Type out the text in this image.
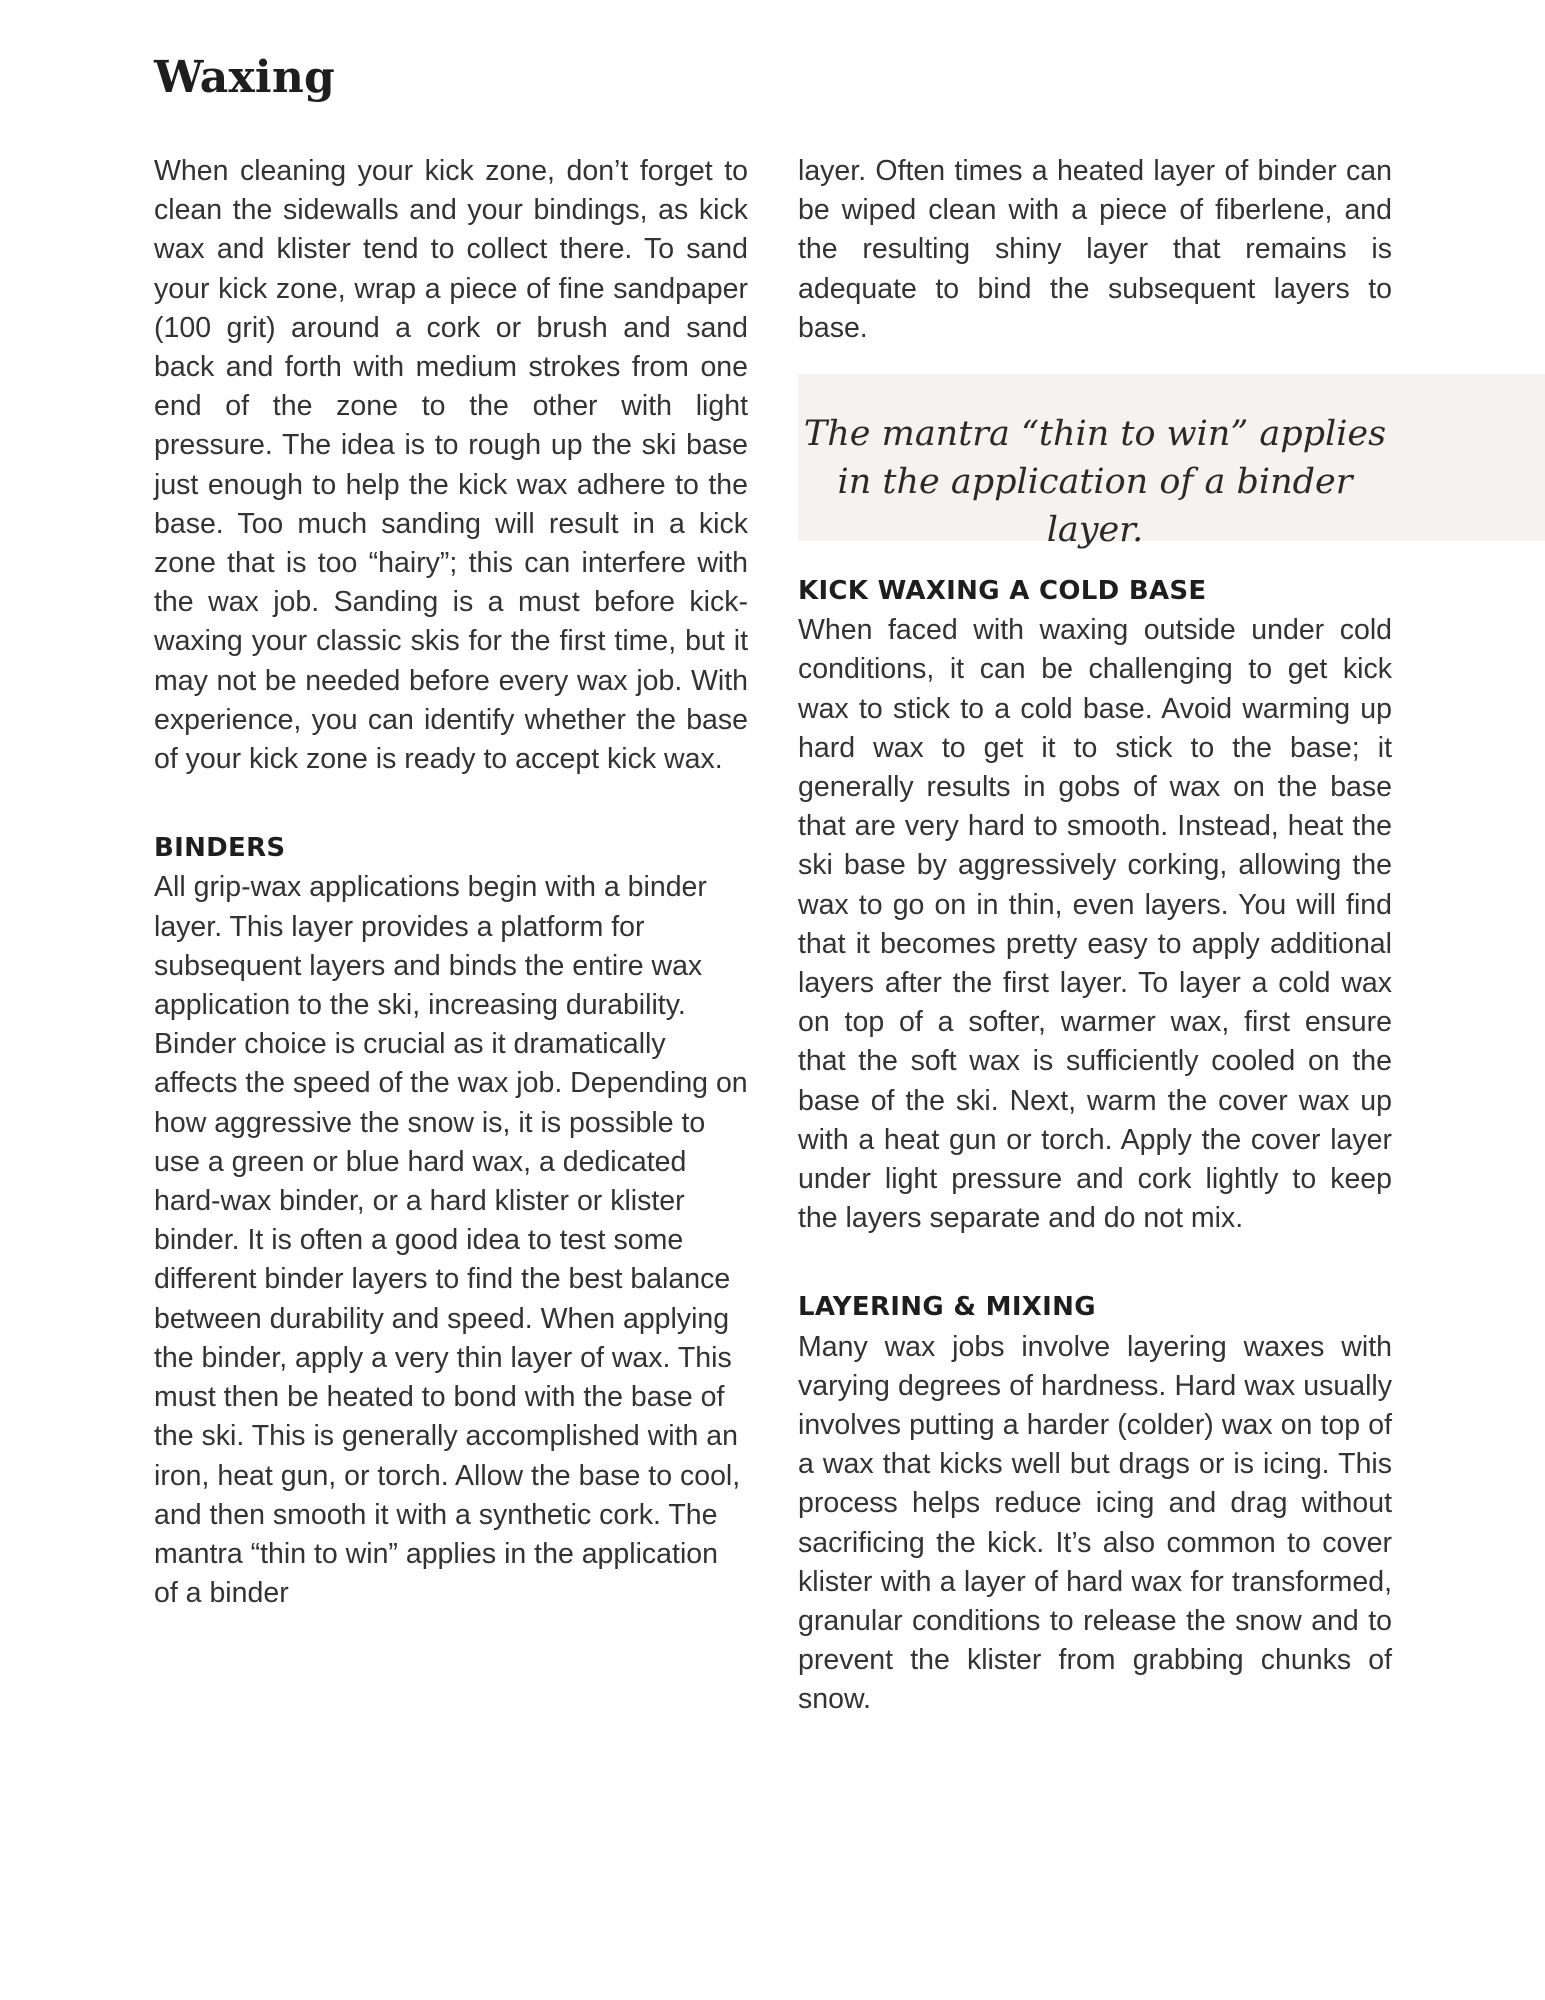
Waxing

When cleaning your kick zone, don’t forget to clean the sidewalls and your bindings, as kick wax and klister tend to collect there. To sand your kick zone, wrap a piece of fine sandpaper (100 grit) around a cork or brush and sand back and forth with medium strokes from one end of the zone to the other with light pressure. The idea is to rough up the ski base just enough to help the kick wax adhere to the base. Too much sanding will result in a kick zone that is too “hairy”; this can interfere with the wax job. Sanding is a must before kick-waxing your classic skis for the first time, but it may not be needed before every wax job. With experience, you can identify whether the base of your kick zone is ready to accept kick wax.

BINDERS

All grip-wax applications begin with a binder layer. This layer provides a platform for subsequent layers and binds the entire wax application to the ski, increasing durability. Binder choice is crucial as it dramatically affects the speed of the wax job. Depending on how aggressive the snow is, it is possible to use a green or blue hard wax, a dedicated hard-wax binder, or a hard klister or klister binder. It is often a good idea to test some different binder layers to find the best balance between durability and speed. When applying the binder, apply a very thin layer of wax. This must then be heated to bond with the base of the ski. This is generally accomplished with an iron, heat gun, or torch. Allow the base to cool, and then smooth it with a synthetic cork. The mantra “thin to win” applies in the application of a binder

layer. Often times a heated layer of binder can be wiped clean with a piece of fiberlene, and the resulting shiny layer that remains is adequate to bind the subsequent layers to base.

The mantra “thin to win” applies in the application of a binder layer.

KICK WAXING A COLD BASE

When faced with waxing outside under cold conditions, it can be challenging to get kick wax to stick to a cold base. Avoid warming up hard wax to get it to stick to the base; it generally results in gobs of wax on the base that are very hard to smooth. Instead, heat the ski base by aggressively corking, allowing the wax to go on in thin, even layers. You will find that it becomes pretty easy to apply additional layers after the first layer. To layer a cold wax on top of a softer, warmer wax, first ensure that the soft wax is sufficiently cooled on the base of the ski. Next, warm the cover wax up with a heat gun or torch. Apply the cover layer under light pressure and cork lightly to keep the layers separate and do not mix.

LAYERING & MIXING

Many wax jobs involve layering waxes with varying degrees of hardness. Hard wax usually involves putting a harder (colder) wax on top of a wax that kicks well but drags or is icing. This process helps reduce icing and drag without sacrificing the kick. It’s also common to cover klister with a layer of hard wax for transformed, granular conditions to release the snow and to prevent the klister from grabbing chunks of snow.
